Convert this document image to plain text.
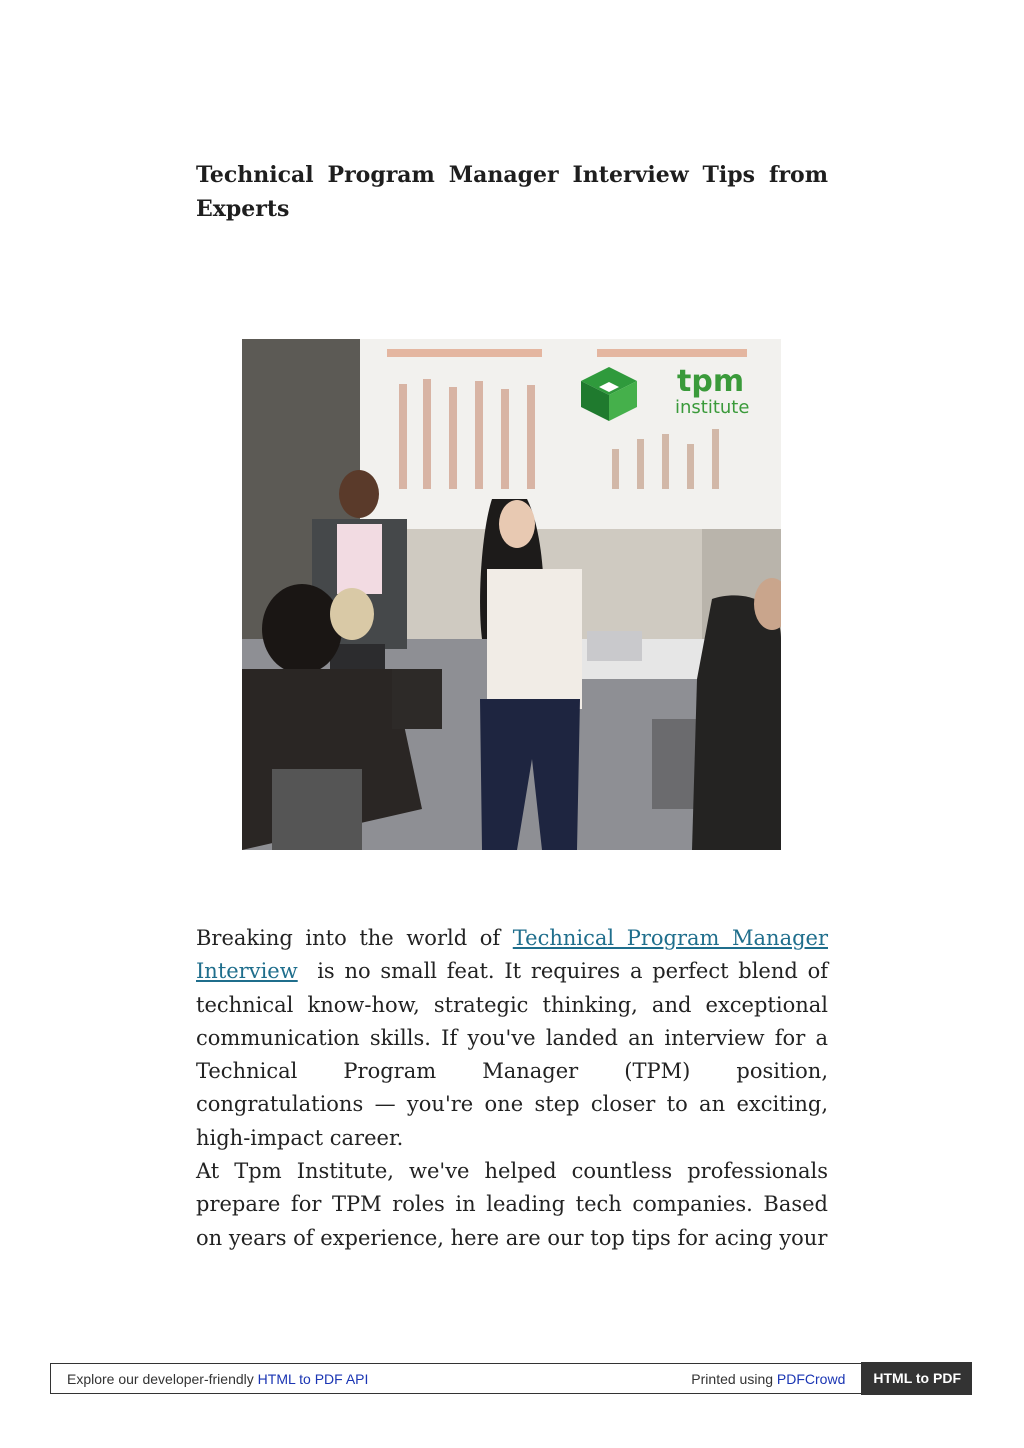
Technical Program Manager Interview Tips from Experts
tpm
institute

Breaking into the world of Technical Program Manager Interview  is no small feat. It requires a perfect blend of technical know-how, strategic thinking, and exceptional communication skills. If you've landed an interview for a Technical Program Manager (TPM) position, congratulations — you're one step closer to an exciting, high-impact career.

At Tpm Institute, we've helped countless professionals prepare for TPM roles in leading tech companies. Based on years of experience, here are our top tips for acing your

Explore our developer-friendly HTML to PDF API	Printed using PDFCrowd	HTML to PDF
